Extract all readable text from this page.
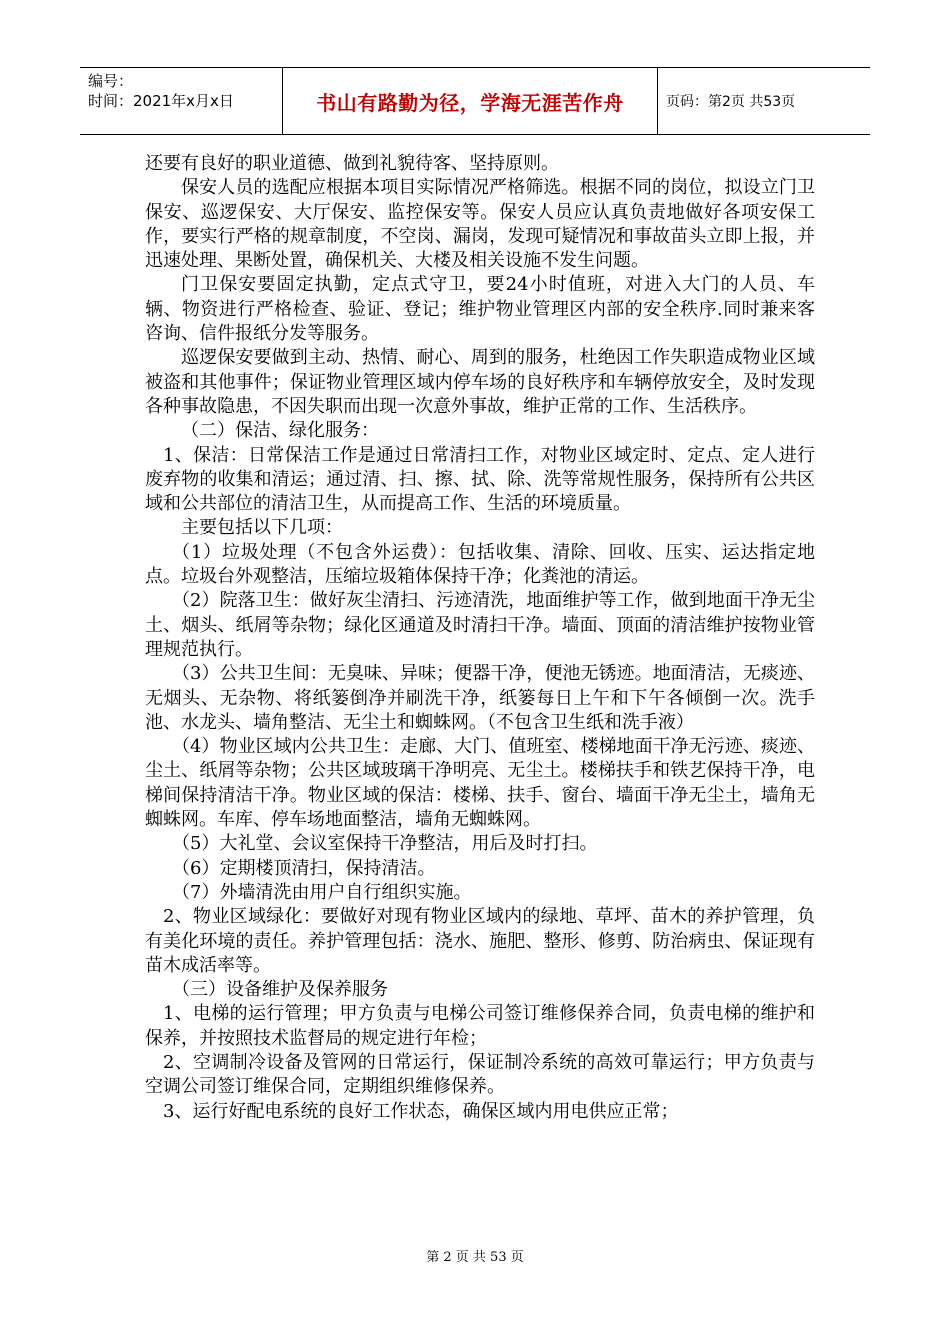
编号：
时间：2021年x月x日	书山有路勤为径，学海无涯苦作舟	页码：第2页 共53页

还要有良好的职业道德、做到礼貌待客、坚持原则。

保安人员的选配应根据本项目实际情况严格筛选。根据不同的岗位，拟设立门卫保安、巡逻保安、大厅保安、监控保安等。保安人员应认真负责地做好各项安保工作，要实行严格的规章制度，不空岗、漏岗，发现可疑情况和事故苗头立即上报，并迅速处理、果断处置，确保机关、大楼及相关设施不发生问题。

门卫保安要固定执勤，定点式守卫，要24小时值班，对进入大门的人员、车辆、物资进行严格检查、验证、登记；维护物业管理区内部的安全秩序.同时兼来客咨询、信件报纸分发等服务。

巡逻保安要做到主动、热情、耐心、周到的服务，杜绝因工作失职造成物业区域被盗和其他事件；保证物业管理区域内停车场的良好秩序和车辆停放安全，及时发现各种事故隐患，不因失职而出现一次意外事故，维护正常的工作、生活秩序。

（二）保洁、绿化服务：

1、保洁：日常保洁工作是通过日常清扫工作，对物业区域定时、定点、定人进行废弃物的收集和清运；通过清、扫、擦、拭、除、洗等常规性服务，保持所有公共区域和公共部位的清洁卫生，从而提高工作、生活的环境质量。

主要包括以下几项：

（1）垃圾处理（不包含外运费）：包括收集、清除、回收、压实、运达指定地点。垃圾台外观整洁，压缩垃圾箱体保持干净；化粪池的清运。

（2）院落卫生：做好灰尘清扫、污迹清洗，地面维护等工作，做到地面干净无尘土、烟头、纸屑等杂物；绿化区通道及时清扫干净。墙面、顶面的清洁维护按物业管理规范执行。

（3）公共卫生间：无臭味、异味；便器干净，便池无锈迹。地面清洁，无痰迹、无烟头、无杂物、将纸篓倒净并刷洗干净，纸篓每日上午和下午各倾倒一次。洗手池、水龙头、墙角整洁、无尘土和蜘蛛网。（不包含卫生纸和洗手液）

（4）物业区域内公共卫生：走廊、大门、值班室、楼梯地面干净无污迹、痰迹、尘土、纸屑等杂物；公共区域玻璃干净明亮、无尘土。楼梯扶手和铁艺保持干净，电梯间保持清洁干净。物业区域的保洁：楼梯、扶手、窗台、墙面干净无尘土，墙角无蜘蛛网。车库、停车场地面整洁，墙角无蜘蛛网。

（5）大礼堂、会议室保持干净整洁，用后及时打扫。

（6）定期楼顶清扫，保持清洁。

（7）外墙清洗由用户自行组织实施。

2、物业区域绿化：要做好对现有物业区域内的绿地、草坪、苗木的养护管理，负有美化环境的责任。养护管理包括：浇水、施肥、整形、修剪、防治病虫、保证现有苗木成活率等。

（三）设备维护及保养服务

1、电梯的运行管理；甲方负责与电梯公司签订维修保养合同，负责电梯的维护和保养，并按照技术监督局的规定进行年检；

2、空调制冷设备及管网的日常运行，保证制冷系统的高效可靠运行；甲方负责与空调公司签订维保合同，定期组织维修保养。

3、运行好配电系统的良好工作状态，确保区域内用电供应正常；

第 2 页 共 53 页
